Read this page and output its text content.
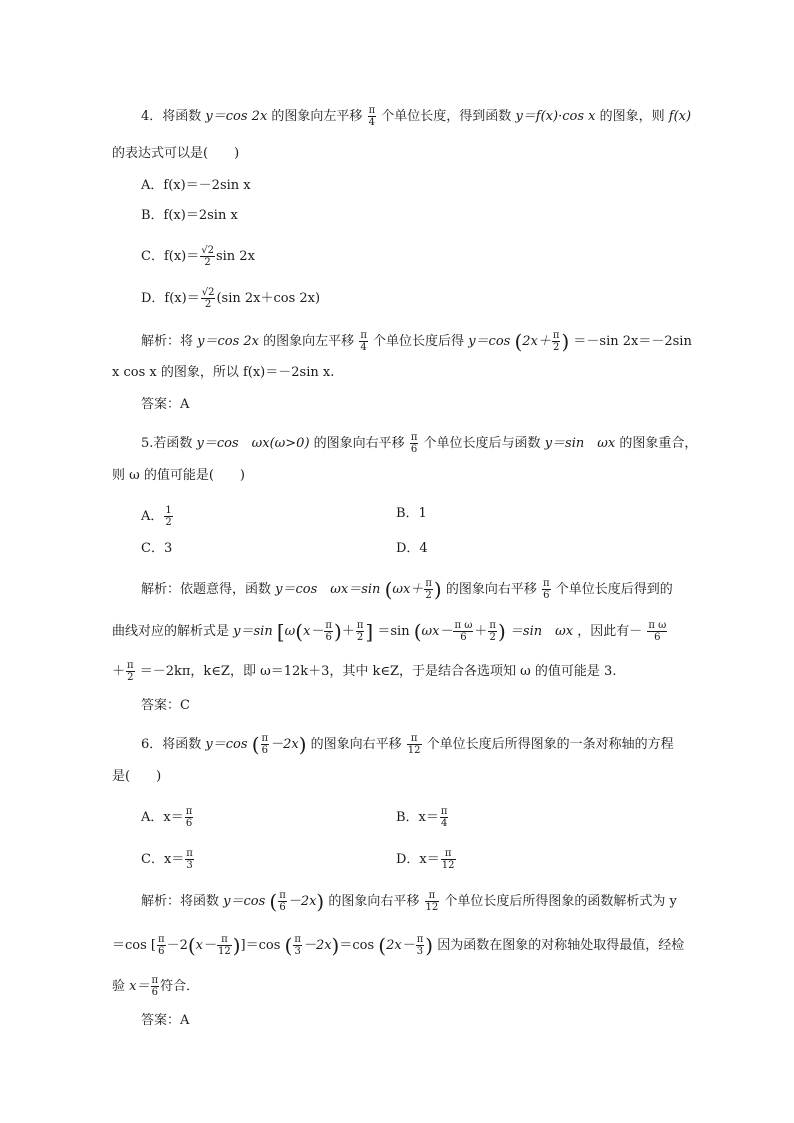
4．将函数 y＝cos 2x 的图象向左平移 $\frac{\pi}{4}$ 个单位长度，得到函数 y＝f(x)·cos x 的图象，则 f(x)
的表达式可以是(　　)
A．f(x)＝－2sin x
B．f(x)＝2sin x
C．$f(x)= \frac{√2}{2}$ sin 2x
D．$f(x)= \frac{√2}{2} (\sin$ 2x＋cos 2x)
解析：将 y＝cos 2x 的图象向左平移 $\frac{\pi}{4}$ 个单位长度后得 y＝cos ($2x+ \frac{\pi}{2}$ ) ＝－sin 2x＝－2sin
x cos x 的图象，所以 f(x)＝－2sin x.
答案：A
5.若函数 y＝cos　ωx(ω>0) 的图象向右平移 $\frac{\pi}{6}$ 个单位长度后与函数 y＝sin　ωx 的图象重合，
则 ω 的值可能是(　　)
A． $\frac{1}{2}$	B．1
C．3	D．4
解析：依题意得，函数 y＝cos　ωx＝sin ($\omega x+ \frac{\pi}{2}$ ) 的图象向右平移 $\frac{\pi}{6}$ 个单位长度后得到的
曲线对应的解析式是 y＝sin [$\omega(x- \frac{\pi}{6}$ )＋ $\frac{\pi}{2}$ ] ＝sin ($\omega x- \frac{\text{π ω}}{6} + \frac{\pi}{2}$ ) ＝sin　ωx ，因此有－ $\frac{\text{π ω}}{6}$
＋ $\frac{\pi}{2} =-2k\pi$，k∈Z，即 ω＝12k＋3，其中 k∈Z，于是结合各选项知 ω 的值可能是 3.
答案：C
6．将函数 y＝cos ( $\frac{\pi}{6} -2x$) 的图象向右平移 $\frac{\pi}{12}$ 个单位长度后所得图象的一条对称轴的方程
是(　　)
A．$x= \frac{\pi}{6}$	B．$x= \frac{\pi}{4}$
C．$x= \frac{\pi}{3}$	D．$x= \frac{\pi}{12}$
解析：将函数 y＝cos ( $\frac{\pi}{6} -2x$) 的图象向右平移 $\frac{\pi}{12}$ 个单位长度后所得图象的函数解析式为 y
＝cos [ $\frac{\pi}{6} -2(x- \frac{\pi}{12} )]=\cos$ ( $\frac{\pi}{3} -2x)=\cos$ ($2x- \frac{\pi}{3}$ ) 因为函数在图象的对称轴处取得最值，经检
验 $x= \frac{\pi}{6}$ 符合．
答案：A
